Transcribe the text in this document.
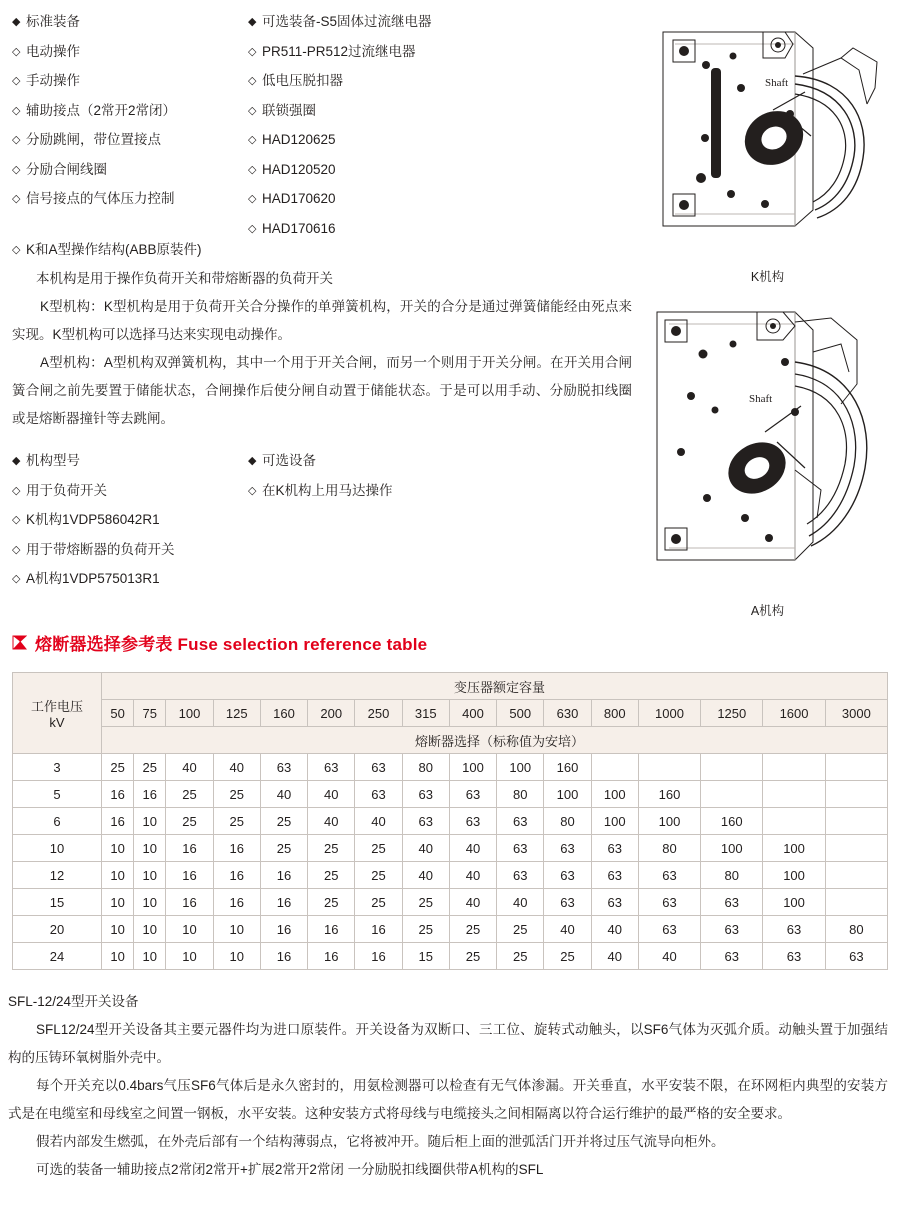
◆标准装备
◇电动操作
◇手动操作
◇辅助接点（2常开2常闭）
◇分励跳闸，带位置接点
◇分励合闸线圈
◇信号接点的气体压力控制
◆可选装备-S5固体过流继电器
◇PR511-PR512过流继电器
◇低电压脱扣器
◇联锁强圈
◇HAD120625
◇HAD120520
◇HAD170620
◇HAD170616
◇K和A型操作结构(ABB原装件)

本机构是用于操作负荷开关和带熔断器的负荷开关

K型机构：K型机构是用于负荷开关合分操作的单弹簧机构，开关的合分是通过弹簧储能经由死点来实现。K型机构可以选择马达来实现电动操作。

A型机构：A型机构双弹簧机构，其中一个用于开关合闸，而另一个则用于开关分闸。在开关用合闸簧合闸之前先要置于储能状态，合闸操作后使分闸自动置于储能状态。于是可以用手动、分励脱扣线圈或是熔断器撞针等去跳闸。

◆机构型号
◇用于负荷开关
◇K机构1VDP586042R1
◇用于带熔断器的负荷开关
◇A机构1VDP575013R1
◆可选设备
◇在K机构上用马达操作
Shaft
K机构
Shaft
A机构
熔断器选择参考表 Fuse selection reference table
工作电压
kV	变压器额定容量															
	50	75	100	125	160	200	250	315	400	500	630	800	1000	1250	1600	3000
	熔断器选择（标称值为安培）															
3	25	25	40	40	63	63	63	80	100	100	160					
5	16	16	25	25	40	40	63	63	63	80	100	100	160			
6	16	10	25	25	25	40	40	63	63	63	80	100	100	160		
10	10	10	16	16	25	25	25	40	40	63	63	63	80	100	100	
12	10	10	16	16	16	25	25	40	40	63	63	63	63	80	100	
15	10	10	16	16	16	25	25	25	40	40	63	63	63	63	100	
20	10	10	10	10	16	16	16	25	25	25	40	40	63	63	63	80
24	10	10	10	10	16	16	16	15	25	25	25	40	40	63	63	63

SFL-12/24型开关设备

SFL12/24型开关设备其主要元器件均为进口原装件。开关设备为双断口、三工位、旋转式动触头，以SF6气体为灭弧介质。动触头置于加强结构的压铸环氧树脂外壳中。

每个开关充以0.4bars气压SF6气体后是永久密封的，用氨检测器可以检查有无气体渗漏。开关垂直，水平安装不限，在环网柜内典型的安装方式是在电缆室和母线室之间置一钢板，水平安装。这种安装方式将母线与电缆接头之间相隔离以符合运行维护的最严格的安全要求。

假若内部发生燃弧，在外壳后部有一个结构薄弱点，它将被冲开。随后柜上面的泄弧活门开并将过压气流导向柜外。

可选的装备一辅助接点2常闭2常开+扩展2常开2常闭 一分励脱扣线圈供带A机构的SFL
